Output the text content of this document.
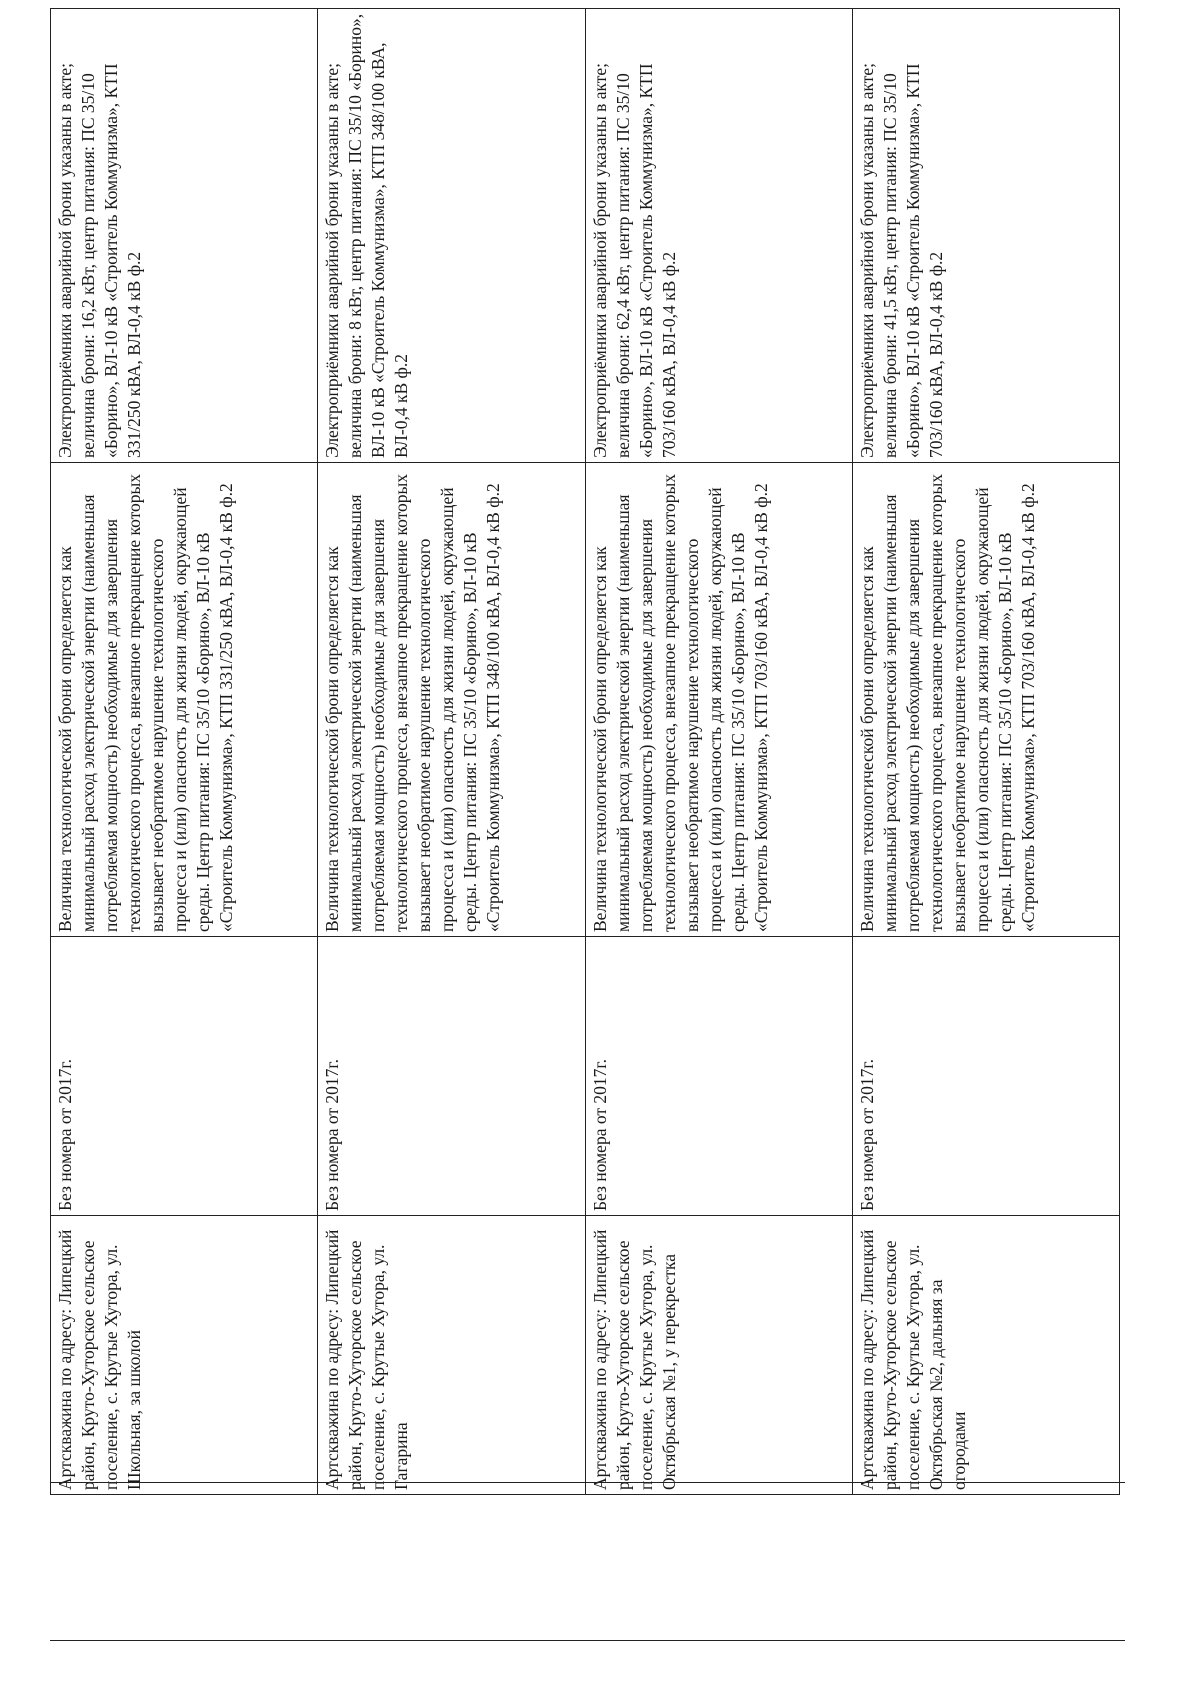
Артскважина по адресу: Липецкий район, Круто-Хуторское сельское поселение, с. Крутые Хутора, ул. Школьная, за школой	Без номера от 2017г.	Величина технологической брони определяется как минимальный расход электрической энергии (наименьшая потребляемая мощность) необходимые для завершения технологического процесса, внезапное прекращение которых вызывает необратимое нарушение технологического процесса и (или) опасность для жизни людей, окружающей среды. Центр питания: ПС 35/10 «Борино», ВЛ-10 кВ «Строитель Коммунизма», КТП 331/250 кВА, ВЛ-0,4 кВ ф.2	Электроприёмники аварийной брони указаны в акте; величина брони: 16,2 кВт, центр питания: ПС 35/10 «Борино», ВЛ-10 кВ «Строитель Коммунизма», КТП 331/250 кВА, ВЛ-0,4 кВ ф.2
Артскважина по адресу: Липецкий район, Круто-Хуторское сельское поселение, с. Крутые Хутора, ул. Гагарина	Без номера от 2017г.	Величина технологической брони определяется как минимальный расход электрической энергии (наименьшая потребляемая мощность) необходимые для завершения технологического процесса, внезапное прекращение которых вызывает необратимое нарушение технологического процесса и (или) опасность для жизни людей, окружающей среды. Центр питания: ПС 35/10 «Борино», ВЛ-10 кВ «Строитель Коммунизма», КТП 348/100 кВА, ВЛ-0,4 кВ ф.2	Электроприёмники аварийной брони указаны в акте; величина брони: 8 кВт, центр питания: ПС 35/10 «Борино», ВЛ-10 кВ «Строитель Коммунизма», КТП 348/100 кВА, ВЛ-0,4 кВ ф.2
Артскважина по адресу: Липецкий район, Круто-Хуторское сельское поселение, с. Крутые Хутора, ул. Октябрьская №1, у перекрестка	Без номера от 2017г.	Величина технологической брони определяется как минимальный расход электрической энергии (наименьшая потребляемая мощность) необходимые для завершения технологического процесса, внезапное прекращение которых вызывает необратимое нарушение технологического процесса и (или) опасность для жизни людей, окружающей среды. Центр питания: ПС 35/10 «Борино», ВЛ-10 кВ «Строитель Коммунизма», КТП 703/160 кВА, ВЛ-0,4 кВ ф.2	Электроприёмники аварийной брони указаны в акте; величина брони: 62,4 кВт, центр питания: ПС 35/10 «Борино», ВЛ-10 кВ «Строитель Коммунизма», КТП 703/160 кВА, ВЛ-0,4 кВ ф.2
Артскважина по адресу: Липецкий район, Круто-Хуторское сельское поселение, с. Крутые Хутора, ул. Октябрьская №2, дальняя за огородами	Без номера от 2017г.	Величина технологической брони определяется как минимальный расход электрической энергии (наименьшая потребляемая мощность) необходимые для завершения технологического процесса, внезапное прекращение которых вызывает необратимое нарушение технологического процесса и (или) опасность для жизни людей, окружающей среды. Центр питания: ПС 35/10 «Борино», ВЛ-10 кВ «Строитель Коммунизма», КТП 703/160 кВА, ВЛ-0,4 кВ ф.2	Электроприёмники аварийной брони указаны в акте; величина брони: 41,5 кВт, центр питания: ПС 35/10 «Борино», ВЛ-10 кВ «Строитель Коммунизма», КТП 703/160 кВА, ВЛ-0,4 кВ ф.2
